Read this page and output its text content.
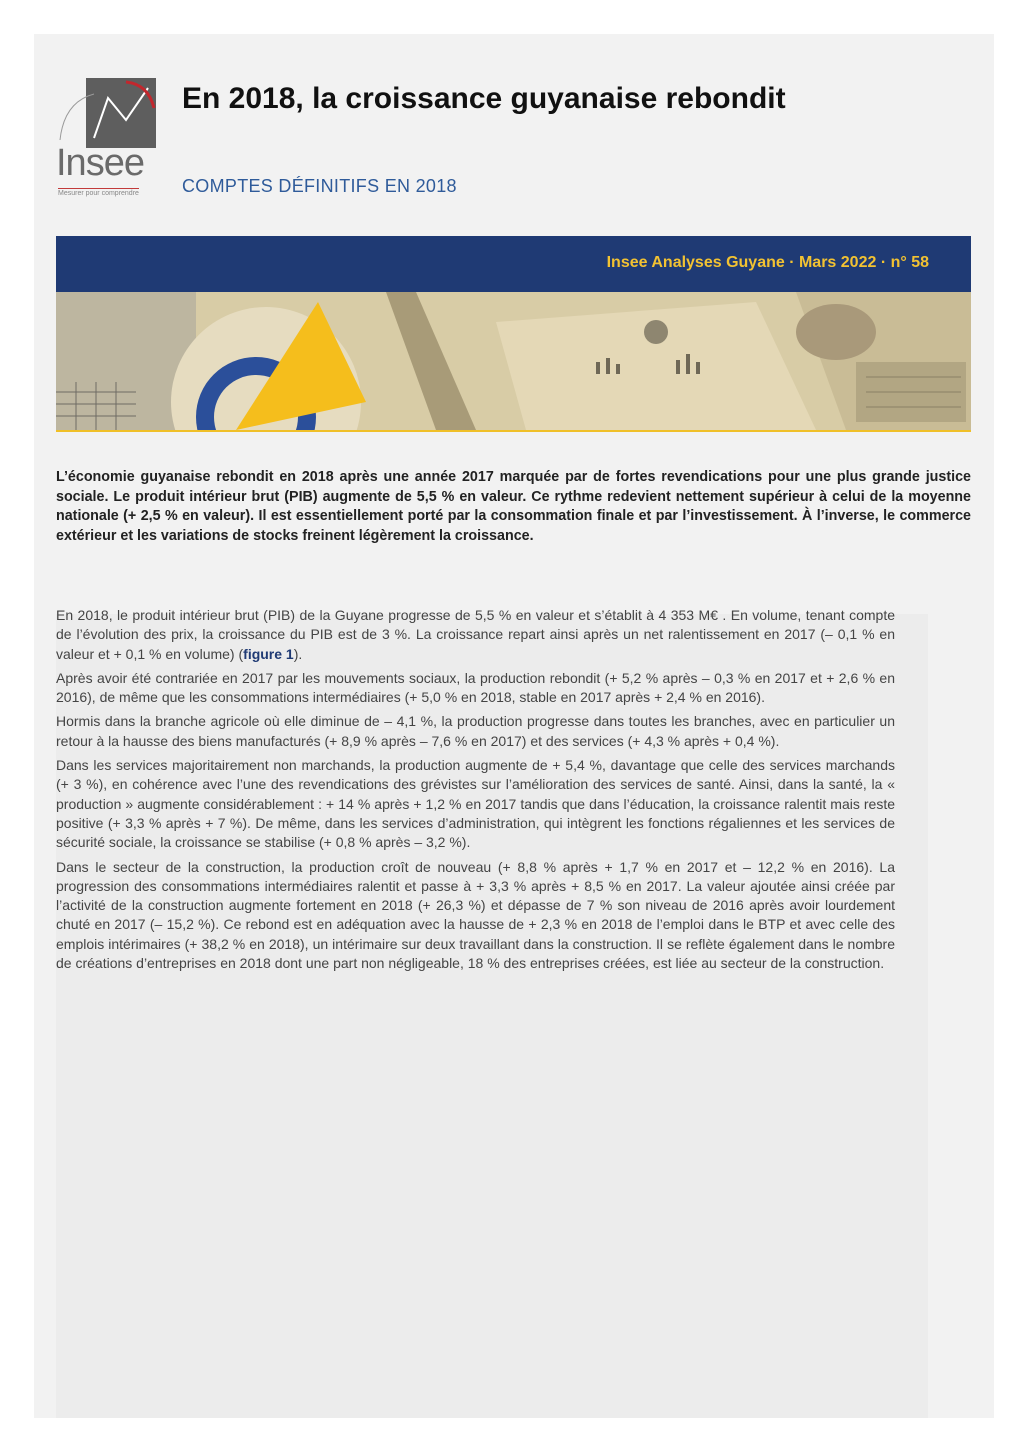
Insee
Mesurer pour comprendre
En 2018, la croissance guyanaise rebondit
COMPTES DÉFINITIFS EN 2018
Insee Analyses Guyane · Mars 2022 · n° 58

L’économie guyanaise rebondit en 2018 après une année 2017 marquée par de fortes revendications pour une plus grande justice sociale. Le produit intérieur brut (PIB) augmente de 5,5 % en valeur. Ce rythme redevient nettement supérieur à celui de la moyenne nationale (+ 2,5 % en valeur). Il est essentiellement porté par la consommation finale et par l’investissement. À l’inverse, le commerce extérieur et les variations de stocks freinent légèrement la croissance.

En 2018, le produit intérieur brut (PIB) de la Guyane progresse de 5,5 % en valeur et s’établit à 4 353 M€ . En volume, tenant compte de l’évolution des prix, la croissance du PIB est de 3 %. La croissance repart ainsi après un net ralentissement en 2017 (– 0,1 % en valeur et + 0,1 % en volume) (figure 1).

Après avoir été contrariée en 2017 par les mouvements sociaux, la production rebondit (+ 5,2 % après – 0,3 % en 2017 et + 2,6 % en 2016), de même que les consommations intermédiaires (+ 5,0 % en 2018, stable en 2017 après + 2,4 % en 2016).

Hormis dans la branche agricole où elle diminue de – 4,1 %, la production progresse dans toutes les branches, avec en particulier un retour à la hausse des biens manufacturés (+ 8,9 % après – 7,6 % en 2017) et des services (+ 4,3 % après + 0,4 %).

Dans les services majoritairement non marchands, la production augmente de + 5,4 %, davantage que celle des services marchands (+ 3 %), en cohérence avec l’une des revendications des grévistes sur l’amélioration des services de santé. Ainsi, dans la santé, la « production » augmente considérablement : + 14 % après + 1,2 % en 2017 tandis que dans l’éducation, la croissance ralentit mais reste positive (+ 3,3 % après + 7 %). De même, dans les services d’administration, qui intègrent les fonctions régaliennes et les services de sécurité sociale, la croissance se stabilise (+ 0,8 % après – 3,2 %).

Dans le secteur de la construction, la production croît de nouveau (+ 8,8 % après + 1,7 % en 2017 et – 12,2 % en 2016). La progression des consommations intermédiaires ralentit et passe à + 3,3 % après + 8,5 % en 2017. La valeur ajoutée ainsi créée par l’activité de la construction augmente fortement en 2018 (+ 26,3 %) et dépasse de 7 % son niveau de 2016 après avoir lourdement chuté en 2017 (– 15,2 %). Ce rebond est en adéquation avec la hausse de + 2,3 % en 2018 de l’emploi dans le BTP et avec celle des emplois intérimaires (+ 38,2 % en 2018), un intérimaire sur deux travaillant dans la construction. Il se reflète également dans le nombre de créations d’entreprises en 2018 dont une part non négligeable, 18 % des entreprises créées, est liée au secteur de la construction.
